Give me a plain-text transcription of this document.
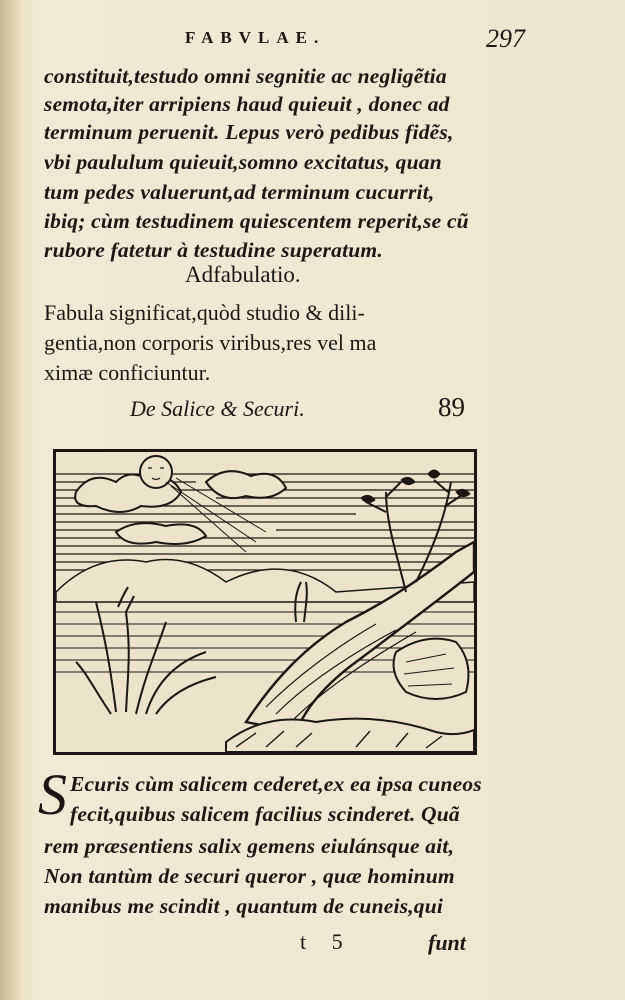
FABVLAE.	297
constituit,testudo omni segnitie ac negligẽtia
semota,iter arripiens haud quieuit , donec ad
terminum peruenit. Lepus verò pedibus fidẽs,
vbi paululum quieuit,somno excitatus, quan
tum pedes valuerunt,ad terminum cucurrit,
ibiq; cùm testudinem quiescentem reperit,se cũ
rubore fatetur à testudine superatum.
Adfabulatio.
Fabula significat,quòd studio & dili-
gentia,non corporis viribus,res vel ma
ximæ conficiuntur.
De Salice & Securi.	89
S Ecuris cùm salicem cederet,ex ea ipsa cuneos
fecit,quibus salicem facilius scinderet. Quã
rem præsentiens salix gemens eiulánsque ait,
Non tantùm de securi queror , quæ hominum
manibus me scindit , quantum de cuneis,qui
t 5	funt
